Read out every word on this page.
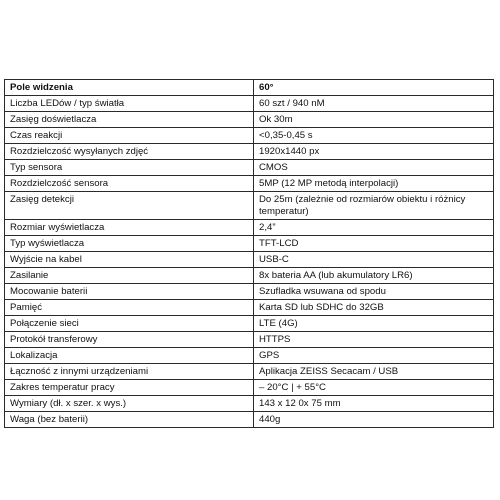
Pole widzenia	60°
Liczba LEDów / typ światła	60 szt / 940 nM
Zasięg doświetlacza	Ok 30m
Czas reakcji	<0,35-0,45 s
Rozdzielczość wysyłanych zdjęć	1920x1440 px
Typ sensora	CMOS
Rozdzielczość sensora	5MP (12 MP metodą interpolacji)
Zasięg detekcji	Do 25m (zależnie od rozmiarów obiektu i różnicy temperatur)
Rozmiar wyświetlacza	2,4”
Typ wyświetlacza	TFT-LCD
Wyjście na kabel	USB-C
Zasilanie	8x bateria AA (lub akumulatory LR6)
Mocowanie baterii	Szufladka wsuwana od spodu
Pamięć	Karta SD lub SDHC do 32GB
Połączenie sieci	LTE (4G)
Protokół transferowy	HTTPS
Lokalizacja	GPS
Łączność z innymi urządzeniami	Aplikacja ZEISS Secacam / USB
Zakres temperatur pracy	– 20°C | + 55°C
Wymiary (dł. x szer. x wys.)	143 x 12 0x 75 mm
Waga (bez baterii)	440g
